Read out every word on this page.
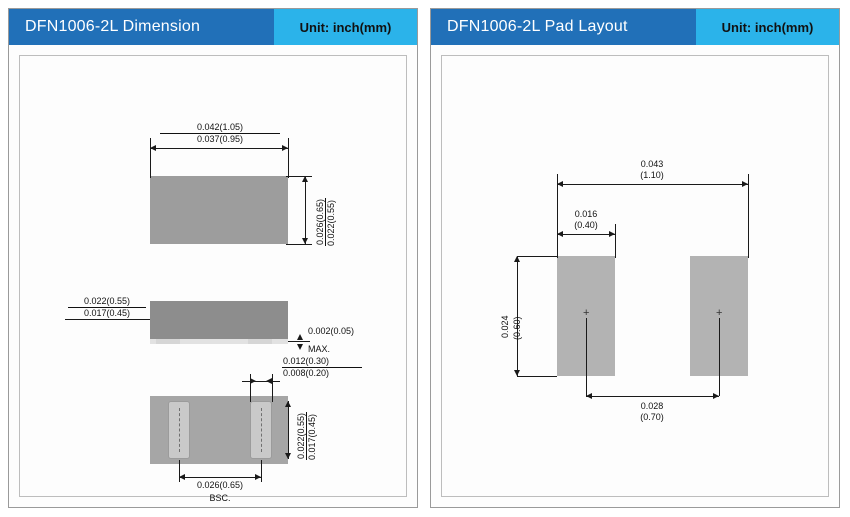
DFN1006-2L Dimension	Unit: inch(mm)
0.042(1.05)
0.037(0.95)
0.026(0.65) 0.022(0.55)
0.022(0.55)
0.017(0.45)
0.002(0.05)
MAX.
0.012(0.30)
0.008(0.20)
0.022(0.55) 0.017(0.45)
0.026(0.65)
BSC.
DFN1006-2L Pad Layout	Unit: inch(mm)
+	+
0.043
(1.10)
0.016
(0.40)
0.024 (0.60)
0.028
(0.70)
